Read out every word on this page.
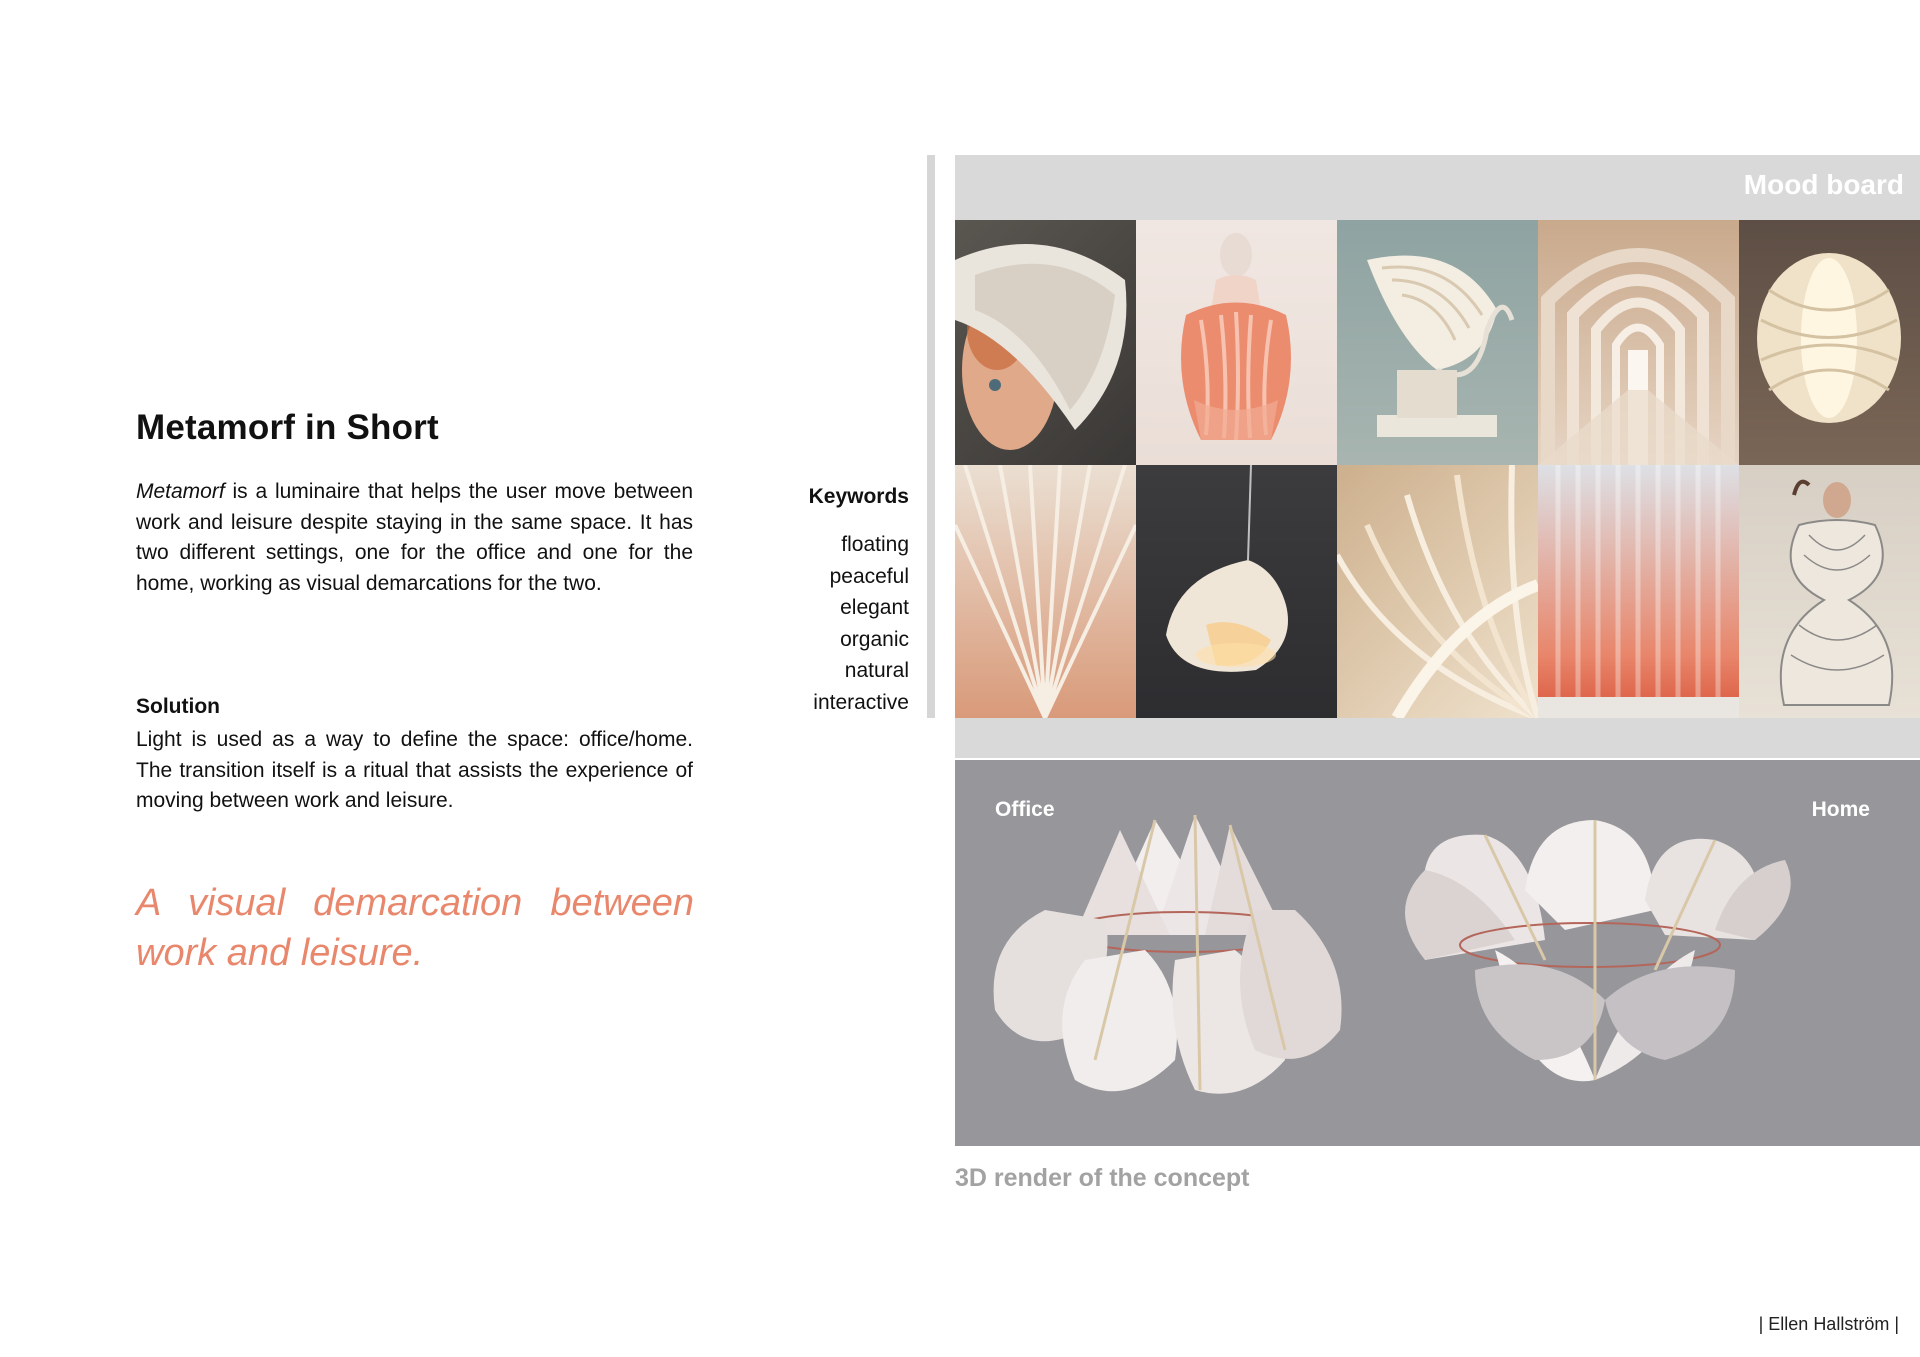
Metamorf in Short

Metamorf is a luminaire that helps the user move between work and leisure despite staying in the same space. It has two different settings, one for the office and one for the home, working as visual demarcations for the two.

Solution

Light is used as a way to define the space: office/home. The transition itself is a ritual that assists the experience of moving between work and leisure.

A visual demarcation between work and leisure.

Keywords
floating
peaceful
elegant
organic
natural
interactive
Mood board
Office	Home
3D render of the concept
| Ellen Hallström |
